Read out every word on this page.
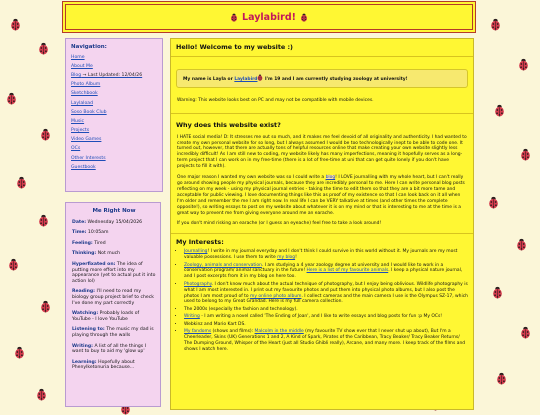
Laylabird!
Navigation:
Home
About Me
Blog → Last Updated: 12/04/26
Photo Album
Sketchbook
Laylaload
Soso Book Club
Music
Projects
Video Games
OCs
Other Interests
Guestbook
Me Right Now
Date: Wednesday 15/04/2026
Time: 10:05am
Feeling: Tired
Thinking: Not much
Hyperfixated on: The idea of putting more effort into my appearance (yet to actual put it into action lol)
Reading: I'll need to read my biology group project brief to check I've done my part correctly
Watching: Probably loads of YouTube - I love YouTube
Listening to: The music my dad is playing through the walls
Writing: A list of all the things I want to buy to aid my 'glow up'
Learning: Hopefully about Phenylketonuria because...
Hello! Welcome to my website :)
My name is Layla or Laylabird
I'm 19 and I am currently studying zoology at university!

Warning: This website looks best on PC and may not be compatible with mobile devices.

Why does this website exist?

I HATE social media! D: It stresses me out so much, and it makes me feel devoid of all originality and authenticity. I had wanted to create my own personal website for so long, but I always assumed I would be too technologically inept to be able to code one. It turned out, however, that there are actually tons of helpful resources online that make creating your own website slightly less incredibly difficult! As I am still new to coding, my website likely has many imperfections, meaning it hopefully serves as a long-term project that I can work on in my free-time (there is a lot of free-time at uni that can get quite lonely if you don't have projects to fill it with).

One major reason I wanted my own website was so I could write a blog! I LOVE journalling with my whole heart, but I can't really go around showing people my physical journals, because they are incredibly personal to me. Here I can write personal blog posts reflecting on my week - using my physical journal entries - taking the time to edit them so that they are a bit more tame and acceptable for public viewing. I love documenting things like this as proof of my existence so that I can look back on it all when I'm older and remember the me I am right now. In real life I can be VERY talkative at times (and other times the complete opposite!), so writing essays to post on my website about whatever it is on my mind or that is interesting to me at the time is a great way to prevent me from giving everyone around me an earache.

If you don't mind risking an earache (or I guess an eyeache) feel free to take a look around!

My Interests:
• Journalling! I write in my journal everyday and I don't think I could survive in this world without it. My journals are my most valuable possessions. I use them to write my blog!
• Zoology, animals and conservation. I am studying a 4 year zoology degree at university and I would like to work in a conservation program/ animal sanctuary in the future! Here is a list of my favourite animals. I keep a physical nature journal, and I post excerpts from it in my blog on here too.
• Photography. I don't know much about the actual technique of photography, but I enjoy being oblivious. Wildlife photography is what I am most interested in. I print out my favourite photos and put them into physical photo albums, but I also post the photos I am most proud of to my online photo album. I collect cameras and the main camera I use is the Olympus SZ-17, which used to belong to my Great Grandad. Here is my full camera collection.
• The 2000s (especially the fashion and technology).
• Writing - I am writing a novel called 'The Ending of Joan', and I like to write essays and blog posts for fun :p My OCs!
• Webkinz and Mario Kart DS.
• My fandoms (shows and films): Malcolm in the middle (my favourite TV show ever that I never shut up about), But I'm a Cheerleader, Skins (UK) Generations 1 and 2, A Kind of Spark, Pirates of the Caribbean, Tracy Beaker/ Tracy Beaker Returns/ The Dumping Ground, Whisper of the Heart (just all Studio Ghibli really), Arcane, and many more. I keep track of the films and shows I watch here.
